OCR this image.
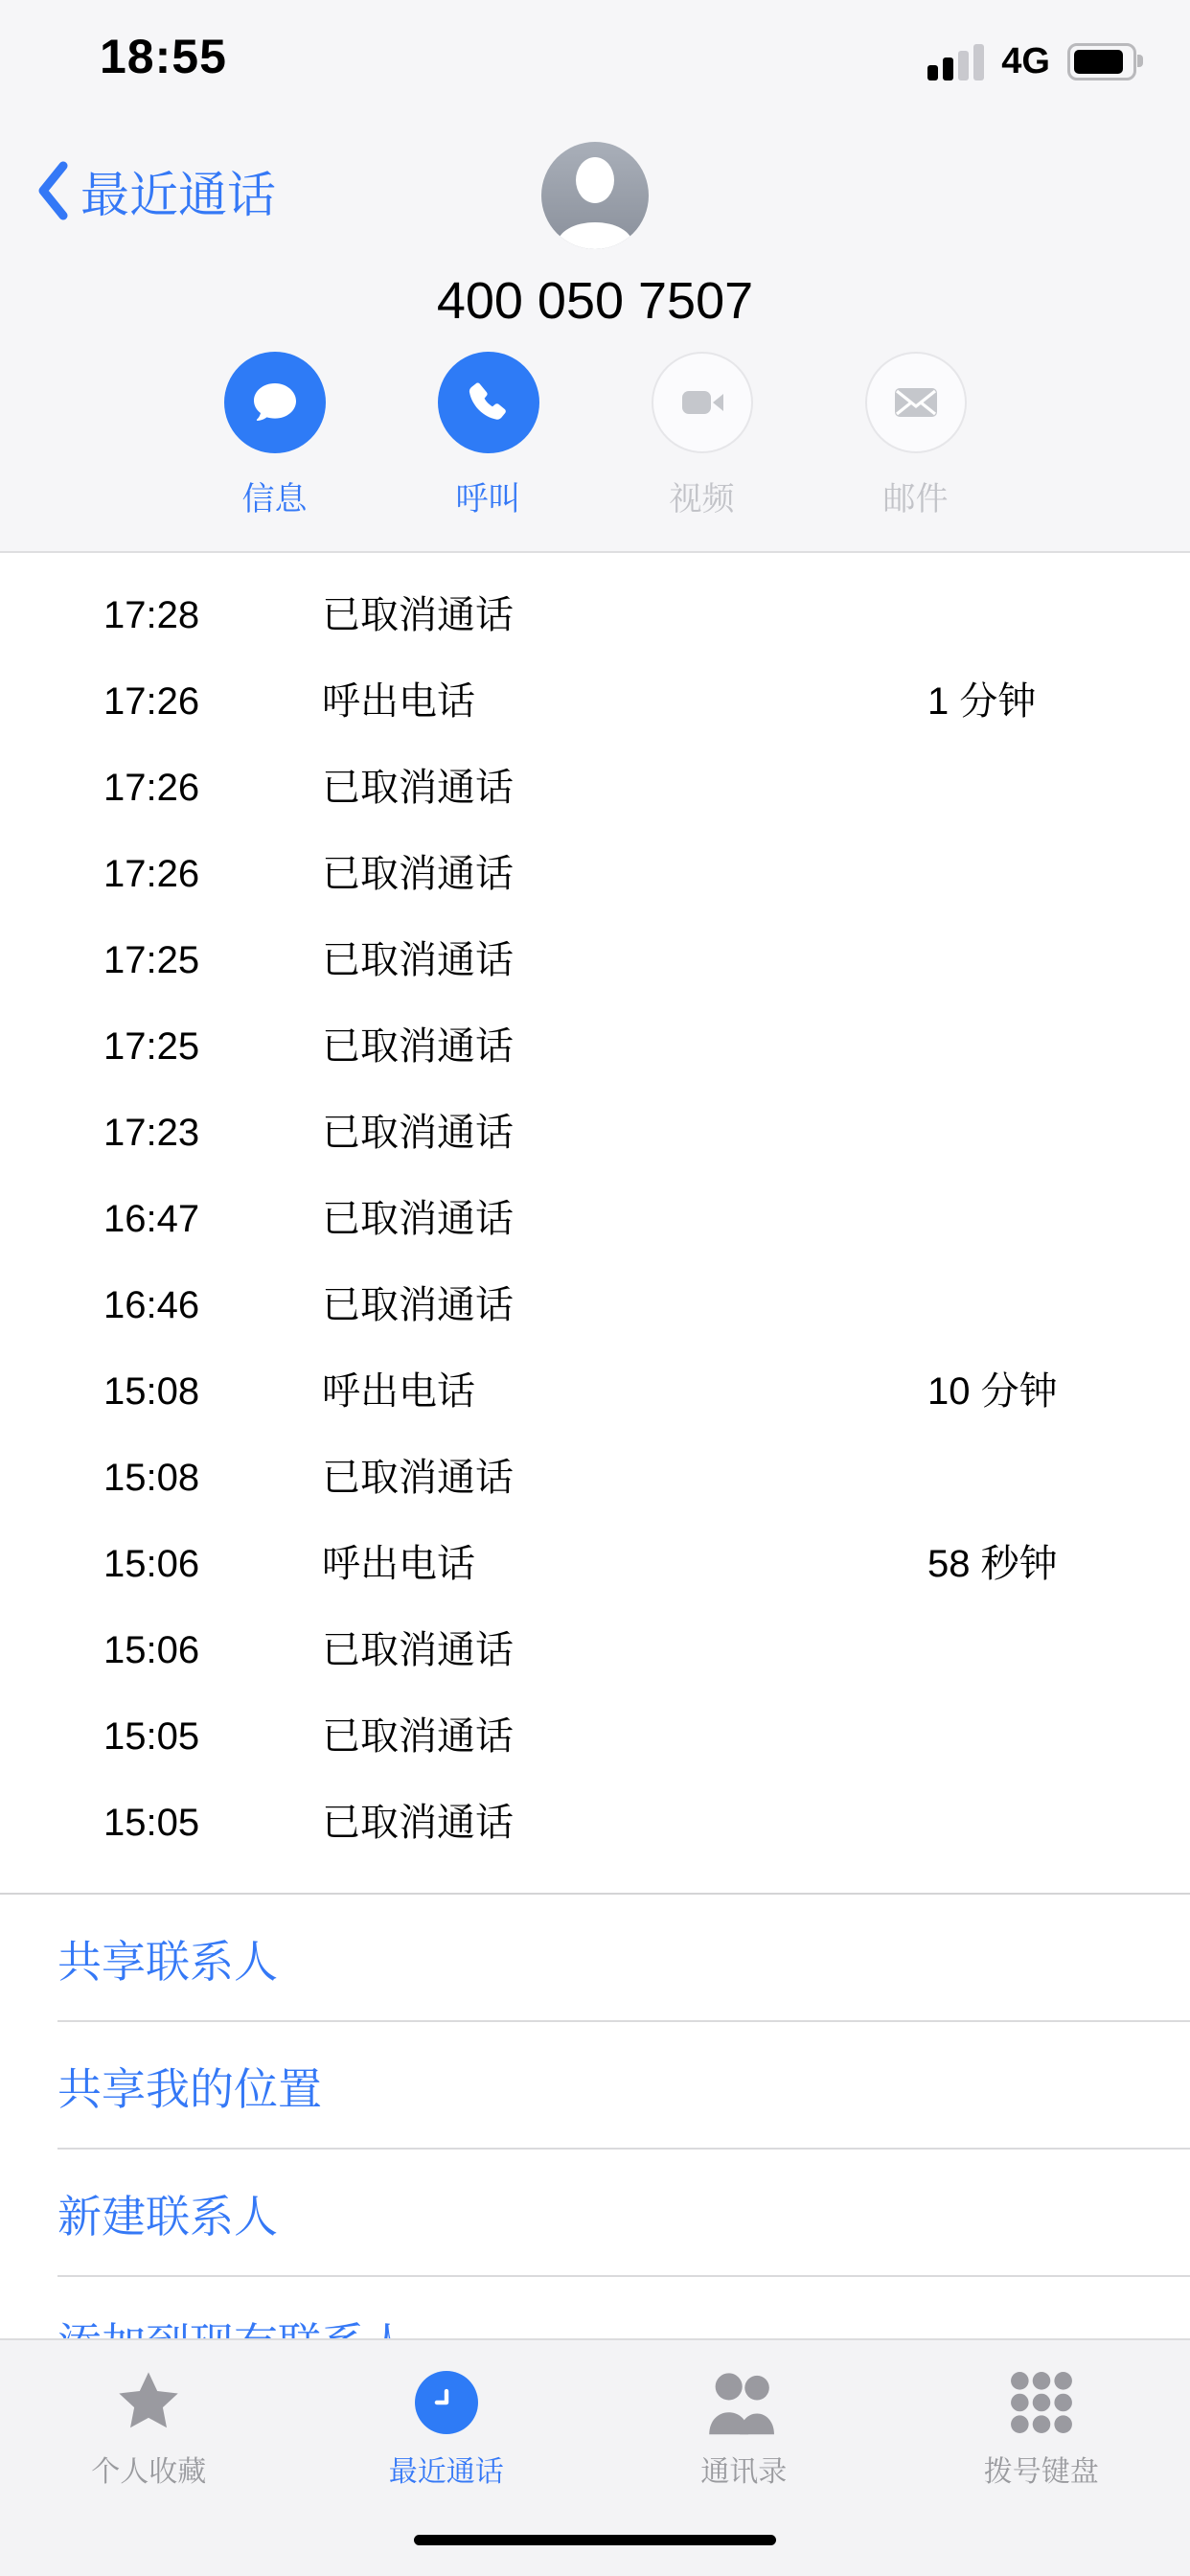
18:55	4G
最近通话
400 050 7507
信息	呼叫	视频	邮件
17:28	已取消通话
17:26	呼出电话	1 分钟
17:26	已取消通话
17:26	已取消通话
17:25	已取消通话
17:25	已取消通话
17:23	已取消通话
16:47	已取消通话
16:46	已取消通话
15:08	呼出电话	10 分钟
15:08	已取消通话
15:06	呼出电话	58 秒钟
15:06	已取消通话
15:05	已取消通话
15:05	已取消通话
共享联系人
共享我的位置
新建联系人
个人收藏	最近通话	通讯录	拨号键盘
